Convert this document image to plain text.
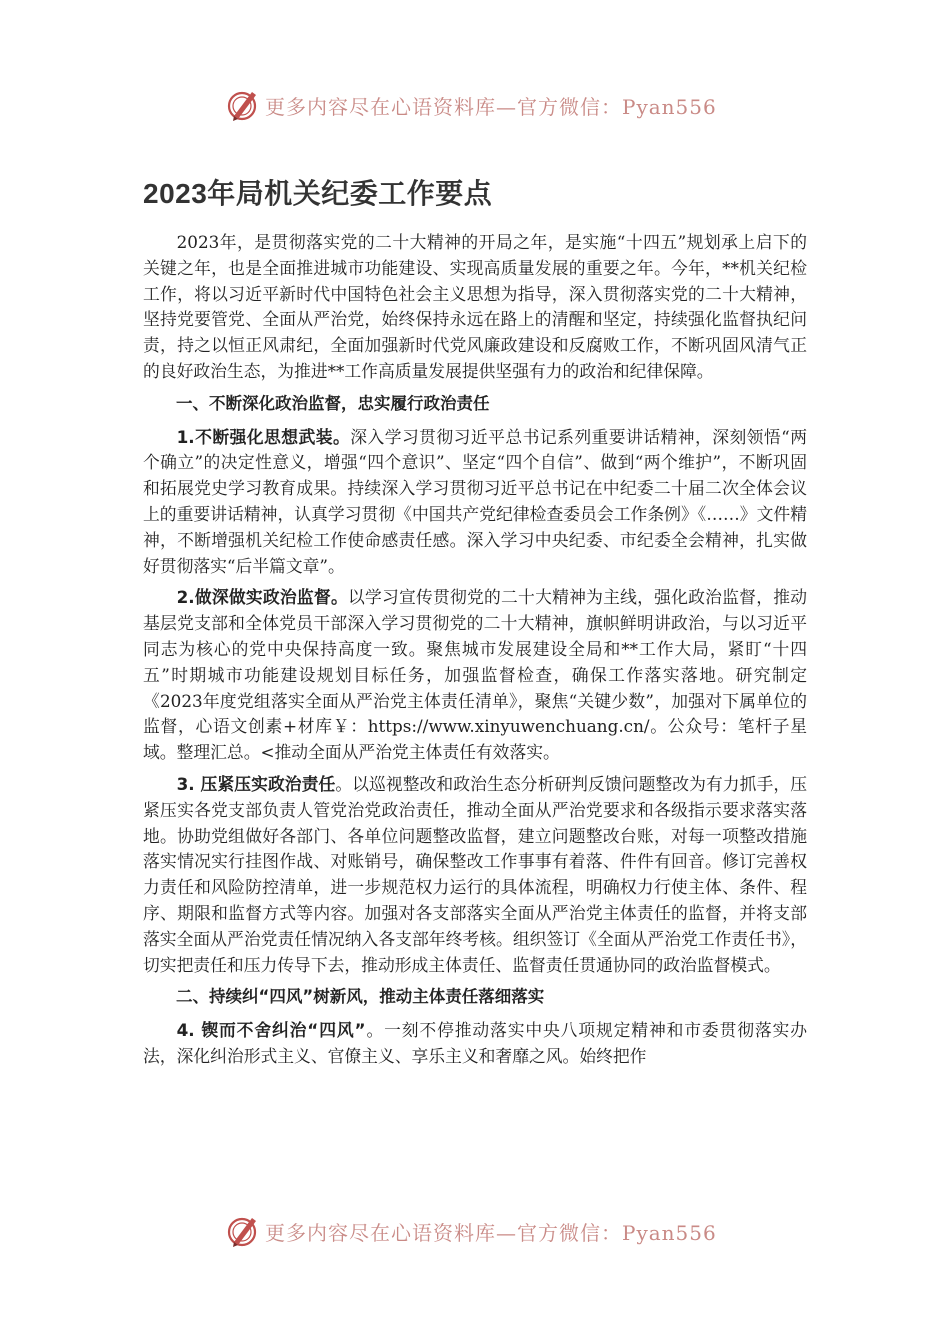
更多内容尽在心语资料库—官方微信：Pyan556
2023年局机关纪委工作要点

2023年，是贯彻落实党的二十大精神的开局之年，是实施“十四五”规划承上启下的关键之年，也是全面推进城市功能建设、实现高质量发展的重要之年。今年，**机关纪检工作，将以习近平新时代中国特色社会主义思想为指导，深入贯彻落实党的二十大精神，坚持党要管党、全面从严治党，始终保持永远在路上的清醒和坚定，持续强化监督执纪问责，持之以恒正风肃纪，全面加强新时代党风廉政建设和反腐败工作，不断巩固风清气正的良好政治生态，为推进**工作高质量发展提供坚强有力的政治和纪律保障。

一、不断深化政治监督，忠实履行政治责任

1.不断强化思想武装。深入学习贯彻习近平总书记系列重要讲话精神，深刻领悟“两个确立”的决定性意义，增强“四个意识”、坚定“四个自信”、做到“两个维护”，不断巩固和拓展党史学习教育成果。持续深入学习贯彻习近平总书记在中纪委二十届二次全体会议上的重要讲话精神，认真学习贯彻《中国共产党纪律检查委员会工作条例》《……》文件精神，不断增强机关纪检工作使命感责任感。深入学习中央纪委、市纪委全会精神，扎实做好贯彻落实“后半篇文章”。

2.做深做实政治监督。以学习宣传贯彻党的二十大精神为主线，强化政治监督，推动基层党支部和全体党员干部深入学习贯彻党的二十大精神，旗帜鲜明讲政治，与以习近平同志为核心的党中央保持高度一致。聚焦城市发展建设全局和**工作大局，紧盯“十四五”时期城市功能建设规划目标任务，加强监督检查，确保工作落实落地。研究制定《2023年度党组落实全面从严治党主体责任清单》，聚焦“关键少数”，加强对下属单位的监督，心语文创素+材库￥：https://www.xinyuwenchuang.cn/。公众号：笔杆子星域。整理汇总。<推动全面从严治党主体责任有效落实。

3. 压紧压实政治责任。以巡视整改和政治生态分析研判反馈问题整改为有力抓手，压紧压实各党支部负责人管党治党政治责任，推动全面从严治党要求和各级指示要求落实落地。协助党组做好各部门、各单位问题整改监督，建立问题整改台账，对每一项整改措施落实情况实行挂图作战、对账销号，确保整改工作事事有着落、件件有回音。修订完善权力责任和风险防控清单，进一步规范权力运行的具体流程，明确权力行使主体、条件、程序、期限和监督方式等内容。加强对各支部落实全面从严治党主体责任的监督，并将支部落实全面从严治党责任情况纳入各支部年终考核。组织签订《全面从严治党工作责任书》，切实把责任和压力传导下去，推动形成主体责任、监督责任贯通协同的政治监督模式。

二、持续纠“四风”树新风，推动主体责任落细落实

4. 锲而不舍纠治“四风”。一刻不停推动落实中央八项规定精神和市委贯彻落实办法，深化纠治形式主义、官僚主义、享乐主义和奢靡之风。始终把作

更多内容尽在心语资料库—官方微信：Pyan556
